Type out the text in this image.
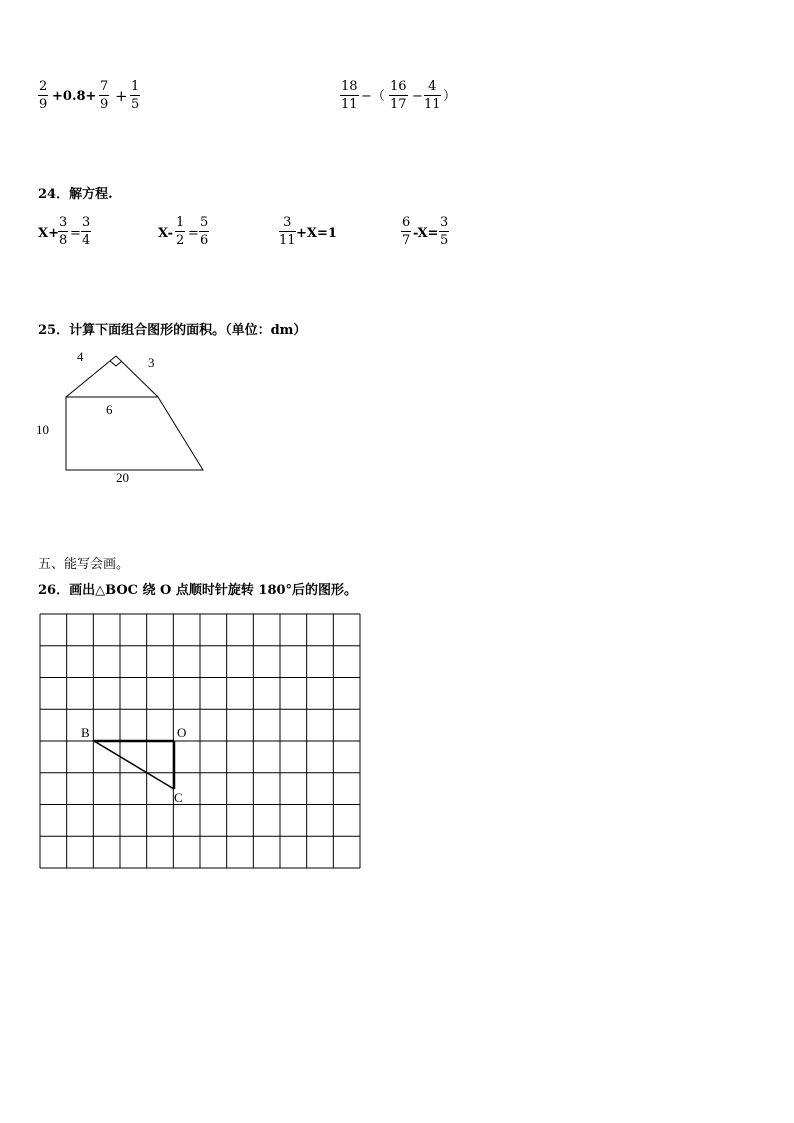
2
9
+0.8+
7
9 +
1
5
18
11
−（
16
17
−
4
11
）
24．解方程.
X+
3
8 =
3
4	X-
1
2 =
5
6
3
11 +X=1
6
7 -X=
3
5
25．计算下面组合图形的面积。（单位：dm）
4	3
6
10
20
五、能写会画。
26．画出△BOC 绕 O 点顺时针旋转 180°后的图形。
B	O
C
